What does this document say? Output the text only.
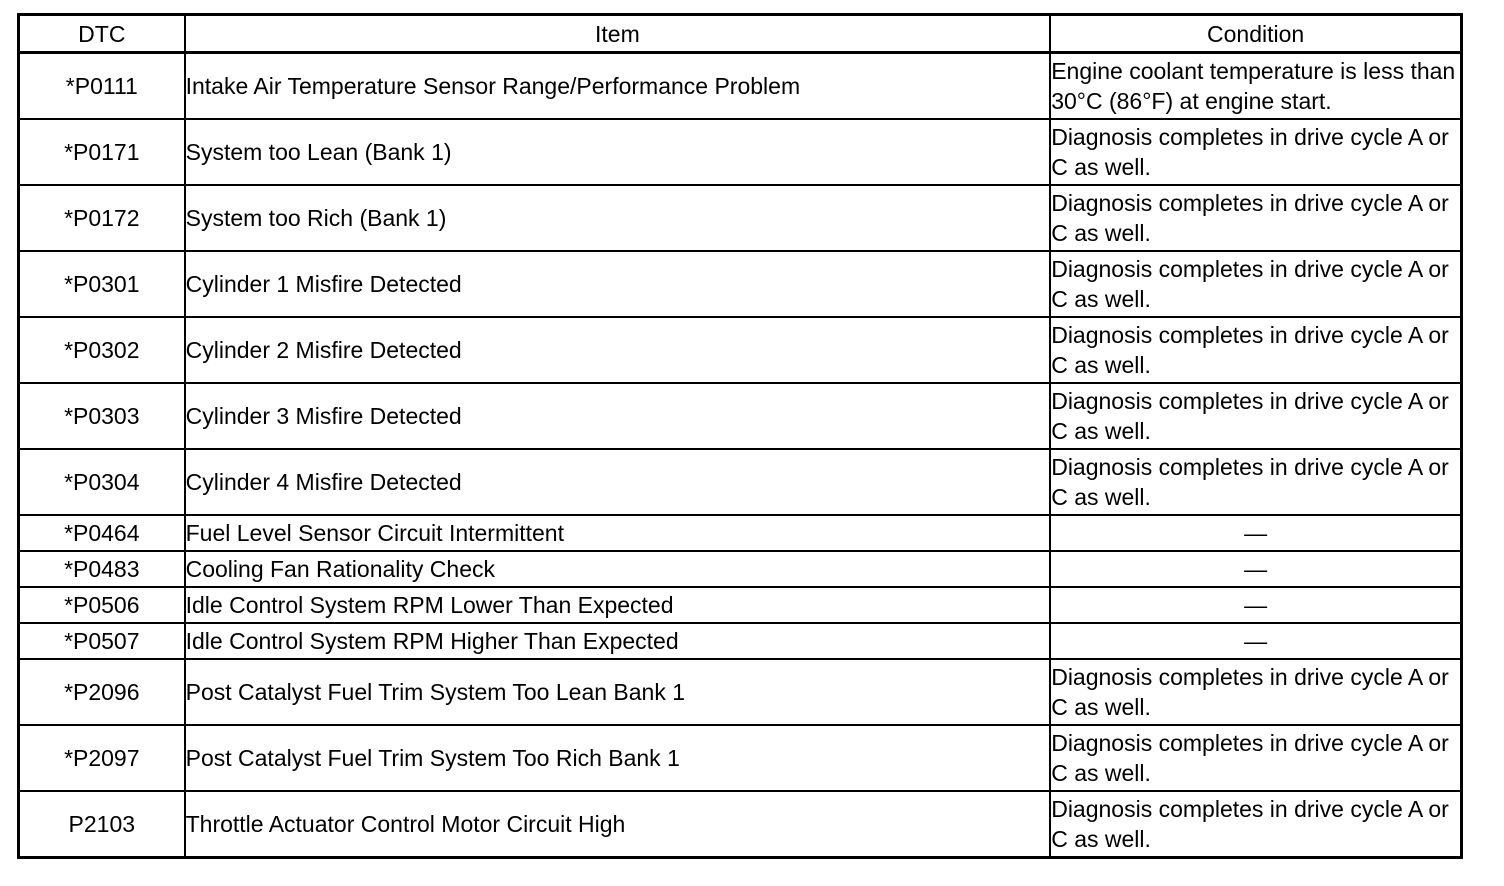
DTC	Item	Condition
*P0111	Intake Air Temperature Sensor Range/Performance Problem	Engine coolant temperature is less than 30°C (86°F) at engine start.
*P0171	System too Lean (Bank 1)	Diagnosis completes in drive cycle A or C as well.
*P0172	System too Rich (Bank 1)	Diagnosis completes in drive cycle A or C as well.
*P0301	Cylinder 1 Misfire Detected	Diagnosis completes in drive cycle A or C as well.
*P0302	Cylinder 2 Misfire Detected	Diagnosis completes in drive cycle A or C as well.
*P0303	Cylinder 3 Misfire Detected	Diagnosis completes in drive cycle A or C as well.
*P0304	Cylinder 4 Misfire Detected	Diagnosis completes in drive cycle A or C as well.
*P0464	Fuel Level Sensor Circuit Intermittent	—
*P0483	Cooling Fan Rationality Check	—
*P0506	Idle Control System RPM Lower Than Expected	—
*P0507	Idle Control System RPM Higher Than Expected	—
*P2096	Post Catalyst Fuel Trim System Too Lean Bank 1	Diagnosis completes in drive cycle A or C as well.
*P2097	Post Catalyst Fuel Trim System Too Rich Bank 1	Diagnosis completes in drive cycle A or C as well.
P2103	Throttle Actuator Control Motor Circuit High	Diagnosis completes in drive cycle A or C as well.
